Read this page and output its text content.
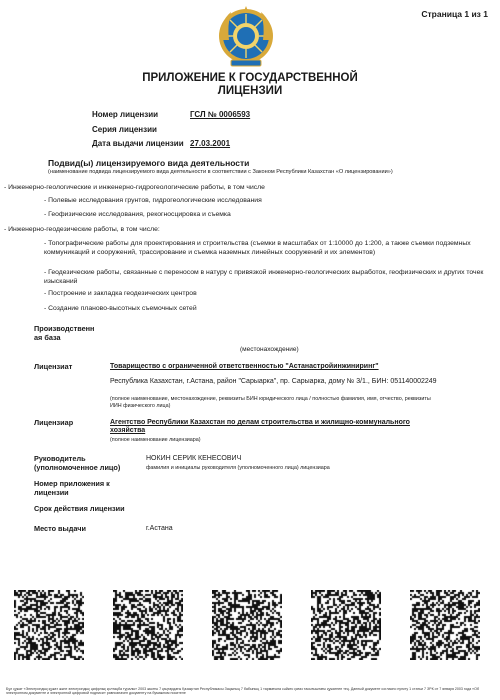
Страница 1 из 1
ПРИЛОЖЕНИЕ К ГОСУДАРСТВЕННОЙ
ЛИЦЕНЗИИ
Номер лицензии	ГСЛ № 0006593
Серия лицензии
Дата выдачи лицензии 27.03.2001
Подвид(ы) лицензируемого вида деятельности
(наименование подвида лицензируемого вида деятельности в соответствии с Законом Республики Казахстан «О лицензировании»)
- Инженерно-геологические и инженерно-гидрогеологические работы, в том числе
- Полевые исследования грунтов, гидрогеологические исследования
- Геофизические исследования, рекогносцировка и съемка
- Инженерно-геодезические работы, в том числе:
- Топографические работы для проектирования и строительства (съемки в масштабах от 1:10000 до 1:200, а также съемки подземных коммуникаций и сооружений, трассирование и съемка наземных линейных сооружений и их элементов)
- Геодезические работы, связанные с переносом в натуру с привязкой инженерно-геологических выработок, геофизических и других точек изысканий
- Построение и закладка геодезических центров
- Создание планово-высотных съемочных сетей
Производственн
ая база
(местонахождение)
Лицензиат	Товарищество с ограниченной ответственностью "Астанастройинжиниринг"
Республика Казахстан, г.Астана, район "Сарыарка", пр. Сарыарка, дому № 3/1., БИН: 051140002249
(полное наименование, местонахождение, реквизиты БИН юридического лица / полностью фамилия, имя, отчество, реквизиты ИИН физического лица)
Лицензиар	Агентство Республики Казахстан по делам строительства и жилищно-коммунального хозяйства
(полное наименование лицензиара)
Руководитель
(уполномоченное лицо)
НОКИН СЕРИК КЕНЕСОВИЧ
фамилия и инициалы руководителя (уполномоченного лица) лицензиара
Номер приложения к
лицензии
Срок действия лицензии
Место выдачи	г.Астана
Бұл құжат «Электрондық құжат және электрондық цифрлық қолтаңба туралы» 2003 жылғы 7 қаңтардағы Қазақстан Республикасы Заңының 7 бабының 1 тармағына сәйкес қағаз тасығыштағы құжатпен тең. Данный документ согласно пункту 1 статьи 7 ЗРК от 7 января 2003 года «Об электронном документе и электронной цифровой подписи» равнозначен документу на бумажном носителе
